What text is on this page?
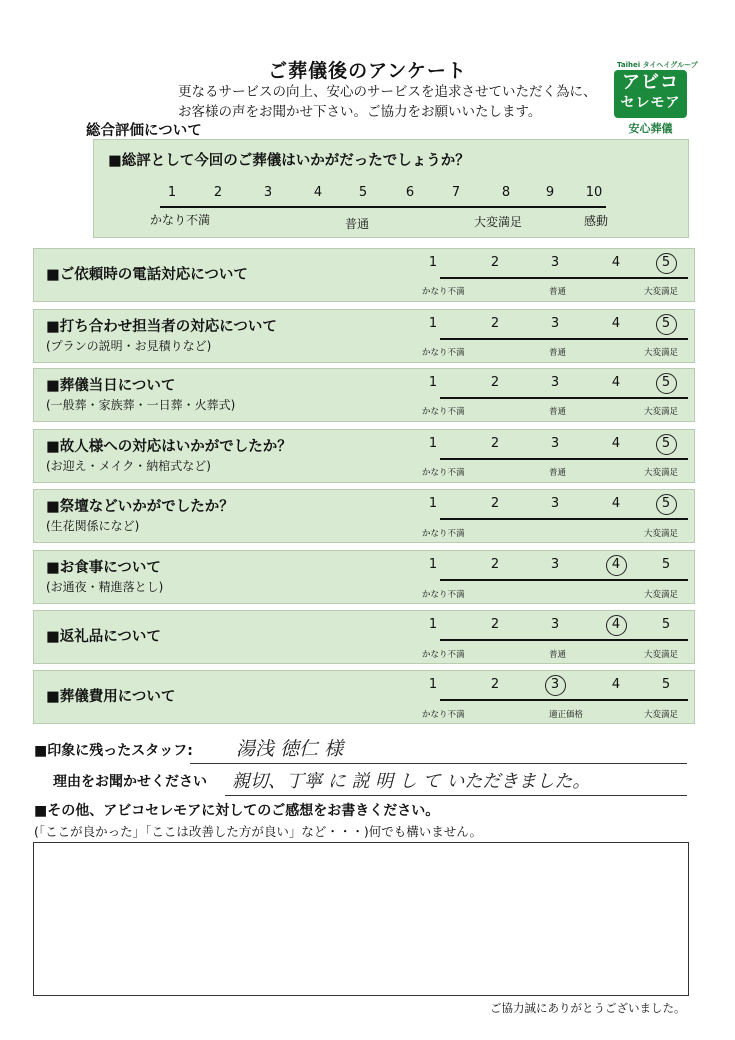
ご葬儀後のアンケート
更なるサービスの向上、安心のサービスを追求させていただく為に、
お客様の声をお聞かせ下さい。ご協力をお願いいたします。
Taihei タイヘイグループ
アビコ
セレモア
安心葬儀
総合評価について
■総評として今回のご葬儀はいかがだったでしょうか？
かなり不満	普通	大変満足	感動
1	2	3	4	5	6	7	8	9	10
■印象に残ったスタッフ: 湯浅 徳仁 様
理由をお聞かせください 親切、丁寧 に 説 明 し て いただきました。
■その他、アビコセレモアに対してのご感想をお書きください。
(「ここが良かった」「ここは改善した方が良い」など・・・)何でも構いません。
ご協力誠にありがとうございました。
■ご依頼時の電話対応について
1	2	3	4	5
かなり不満	普通	大変満足
■打ち合わせ担当者の対応について
(プランの説明・お見積りなど)
1	2	3	4	5
かなり不満	普通	大変満足
■葬儀当日について
(一般葬・家族葬・一日葬・火葬式)
1	2	3	4	5
かなり不満	普通	大変満足
■故人様への対応はいかがでしたか？
(お迎え・メイク・納棺式など)
1	2	3	4	5
かなり不満	普通	大変満足
■祭壇などいかがでしたか？
(生花関係になど)
1	2	3	4	5
かなり不満	大変満足
■お食事について
(お通夜・精進落とし)
1	2	3	4	5
かなり不満	大変満足
■返礼品について
1	2	3	4	5
かなり不満	普通	大変満足
■葬儀費用について
1	2	3	4	5
かなり不満	適正価格	大変満足
